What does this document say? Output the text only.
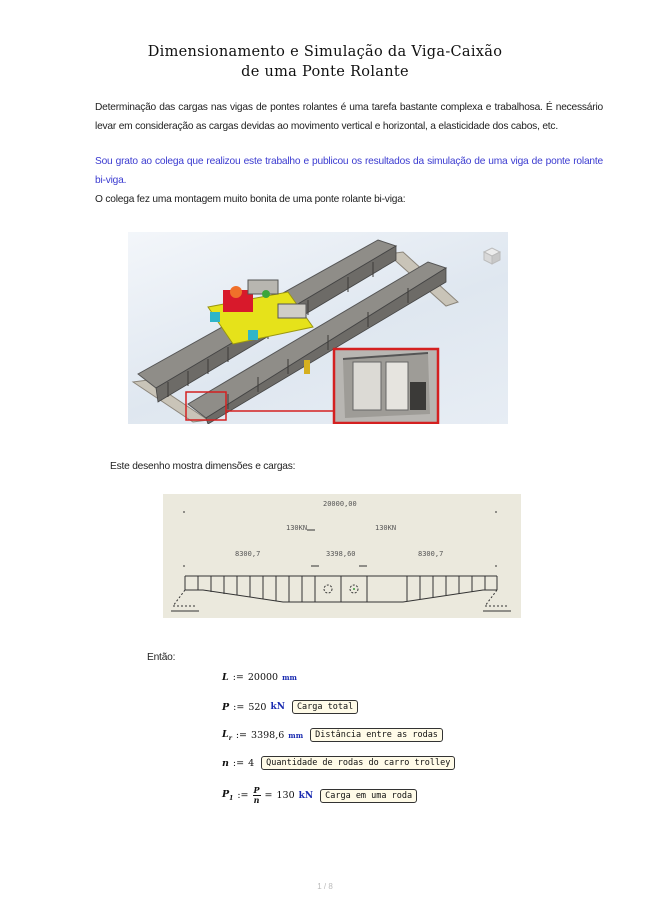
Dimensionamento e Simulação da Viga-Caixão
de uma Ponte Rolante
Determinação das cargas nas vigas de pontes rolantes é uma tarefa bastante complexa e trabalhosa. É necessário levar em consideração as cargas devidas ao movimento vertical e horizontal, a elasticidade dos cabos, etc.
Sou grato ao colega que realizou este trabalho e publicou os resultados da simulação de uma viga de ponte rolante bi-viga.
O colega fez uma montagem muito bonita de uma ponte rolante bi-viga:
Este desenho mostra dimensões e cargas:
20000,00
130KN	130KN
8300,7	3398,60	8300,7
Então:
L := 20000 mm
P := 520 kN	Carga total
$L_r$ := 3398,6 mm	Distância entre as rodas
n := 4	Quantidade de rodas do carro trolley
$P_1$ := $\frac{P}{n} = 130$ kN	Carga em uma roda
1 / 8
